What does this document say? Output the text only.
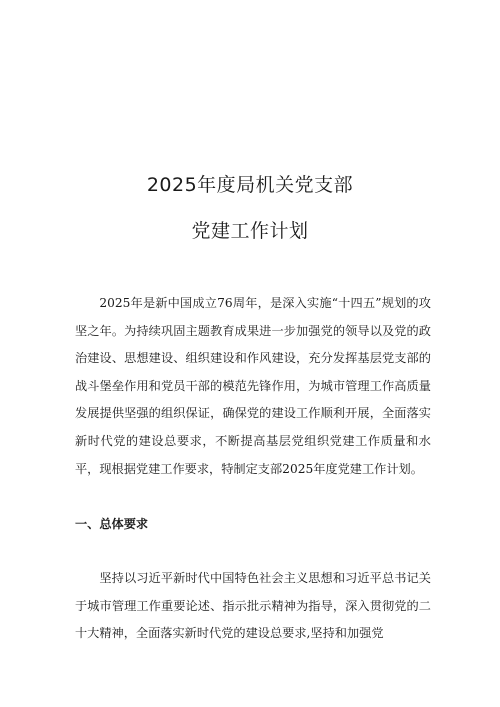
2025年度局机关党支部
党建工作计划

2025年是新中国成立76周年，是深入实施“十四五”规划的攻坚之年。为持续巩固主题教育成果进一步加强党的领导以及党的政治建设、思想建设、组织建设和作风建设，充分发挥基层党支部的战斗堡垒作用和党员干部的模范先锋作用，为城市管理工作高质量发展提供坚强的组织保证，确保党的建设工作顺利开展，全面落实新时代党的建设总要求，不断提高基层党组织党建工作质量和水平，现根据党建工作要求，特制定支部2025年度党建工作计划。

一、总体要求

坚持以习近平新时代中国特色社会主义思想和习近平总书记关于城市管理工作重要论述、指示批示精神为指导，深入贯彻党的二十大精神，全面落实新时代党的建设总要求,坚持和加强党
